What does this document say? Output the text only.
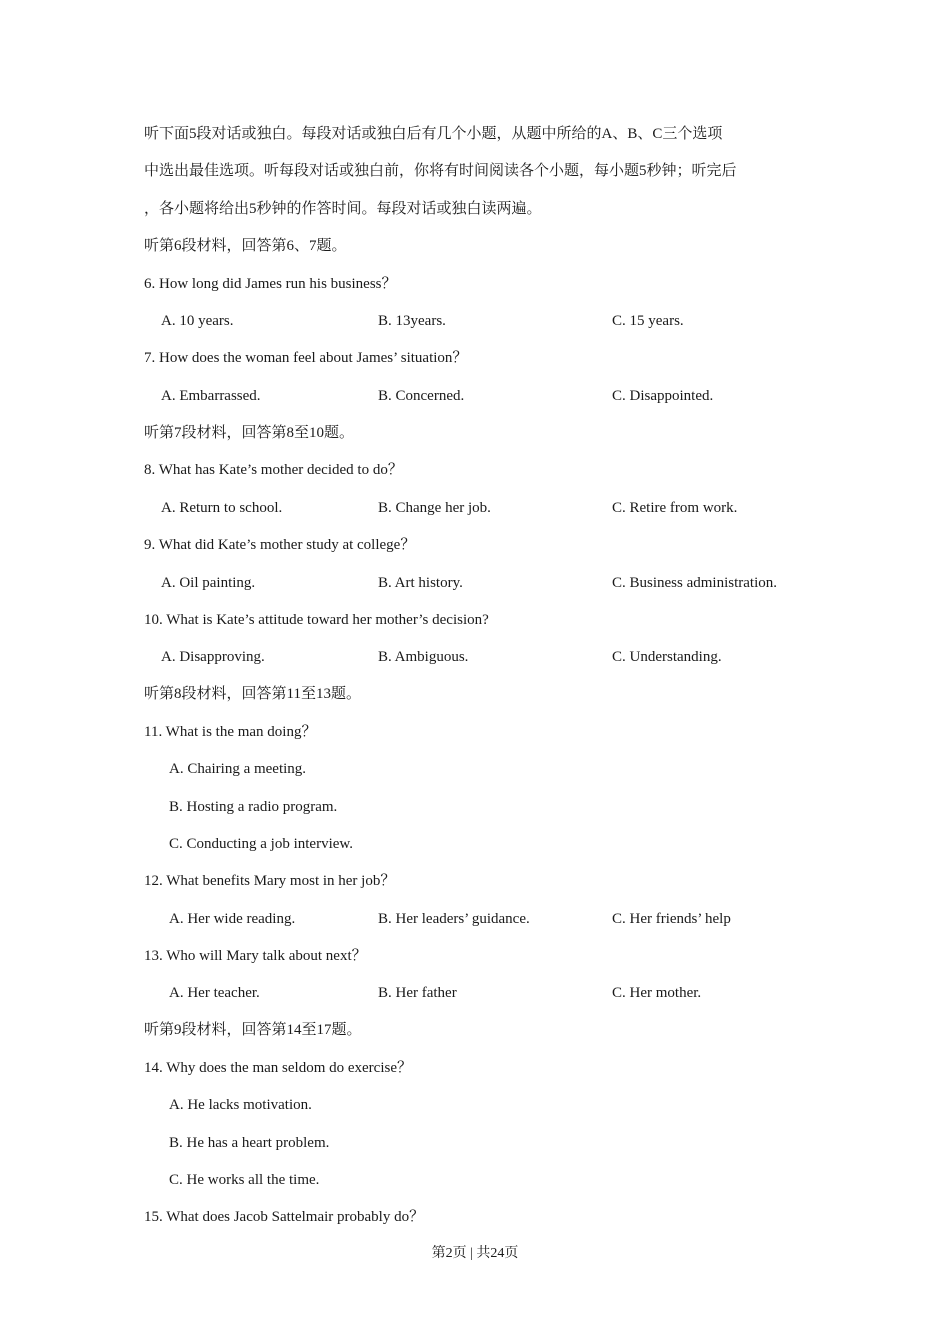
听下面5段对话或独白。每段对话或独白后有几个小题，从题中所给的A、B、C三个选项
中选出最佳选项。听每段对话或独白前，你将有时间阅读各个小题，每小题5秒钟；听完后
，各小题将给出5秒钟的作答时间。每段对话或独白读两遍。
听第6段材料，回答第6、7题。
6. How long did James run his business？
A. 10 years.	B. 13years.	C. 15 years.
7. How does the woman feel about James’ situation？
A. Embarrassed.	B. Concerned.	C. Disappointed.
听第7段材料，回答第8至10题。
8. What has Kate’s mother decided to do？
A. Return to school.	B. Change her job.	C. Retire from work.
9. What did Kate’s mother study at college？
A. Oil painting.	B. Art history.	C. Business administration.
10. What is Kate’s attitude toward her mother’s decision?
A. Disapproving.	B. Ambiguous.	C. Understanding.
听第8段材料，回答第11至13题。
11. What is the man doing？
A. Chairing a meeting.
B. Hosting a radio program.
C. Conducting a job interview.
12. What benefits Mary most in her job？
A. Her wide reading.	B. Her leaders’ guidance.	C. Her friends’ help
13. Who will Mary talk about next？
A. Her teacher.	B. Her father	C. Her mother.
听第9段材料，回答第14至17题。
14. Why does the man seldom do exercise？
A. He lacks motivation.
B. He has a heart problem.
C. He works all the time.
15. What does Jacob Sattelmair probably do？
第2页 | 共24页
